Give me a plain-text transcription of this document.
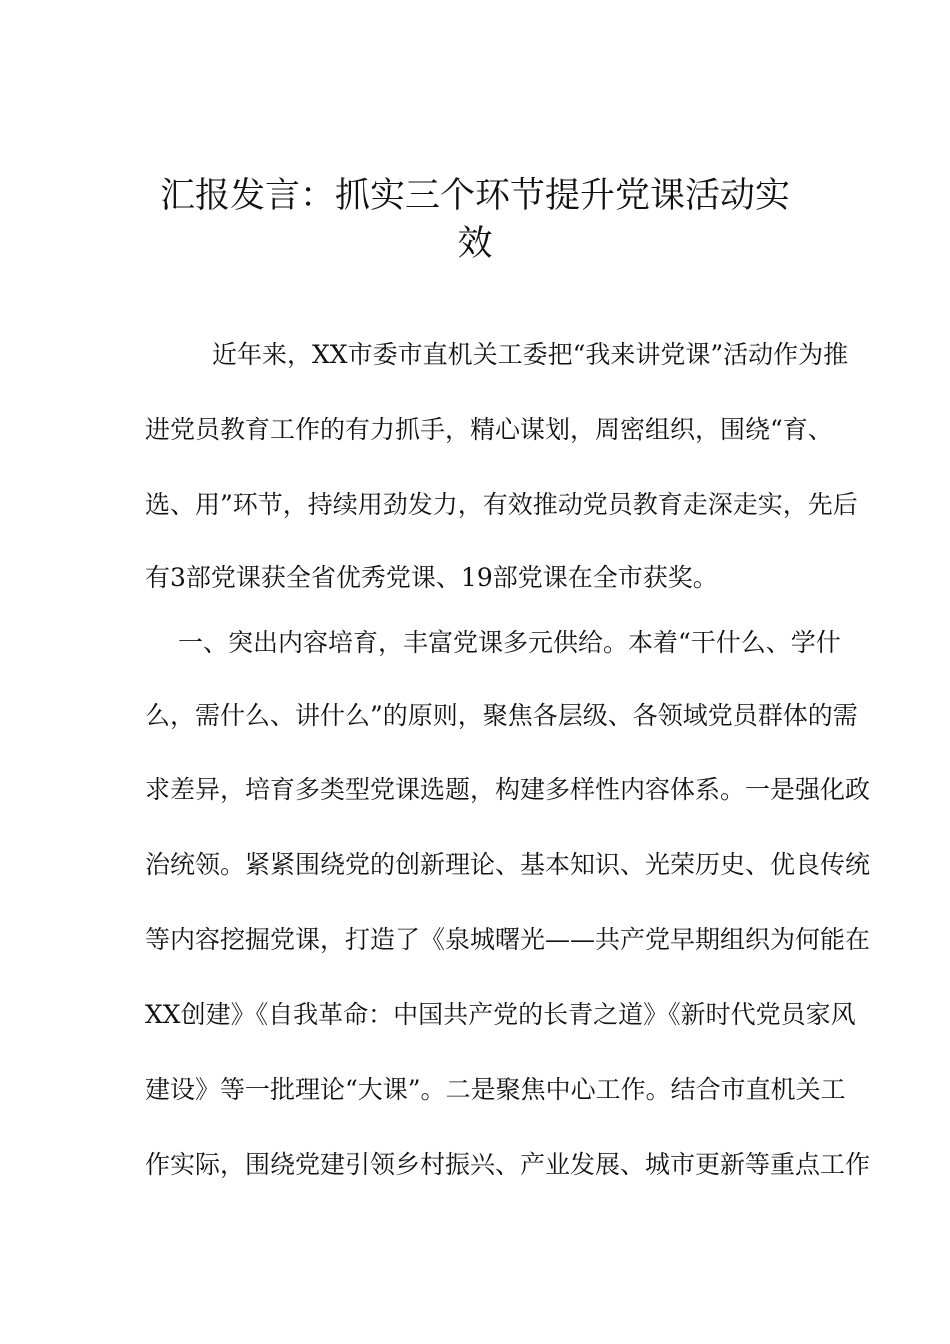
汇报发言：抓实三个环节提升党课活动实
效
近年来，XX市委市直机关工委把“我来讲党课”活动作为推
进党员教育工作的有力抓手，精心谋划，周密组织，围绕“育、
选、用”环节，持续用劲发力，有效推动党员教育走深走实，先后
有3部党课获全省优秀党课、19部党课在全市获奖。
一、突出内容培育，丰富党课多元供给。本着“干什么、学什
么，需什么、讲什么”的原则，聚焦各层级、各领域党员群体的需
求差异，培育多类型党课选题，构建多样性内容体系。一是强化政
治统领。紧紧围绕党的创新理论、基本知识、光荣历史、优良传统
等内容挖掘党课，打造了《泉城曙光——共产党早期组织为何能在
XX创建》《自我革命：中国共产党的长青之道》《新时代党员家风
建设》等一批理论“大课”。二是聚焦中心工作。结合市直机关工
作实际，围绕党建引领乡村振兴、产业发展、城市更新等重点工作
